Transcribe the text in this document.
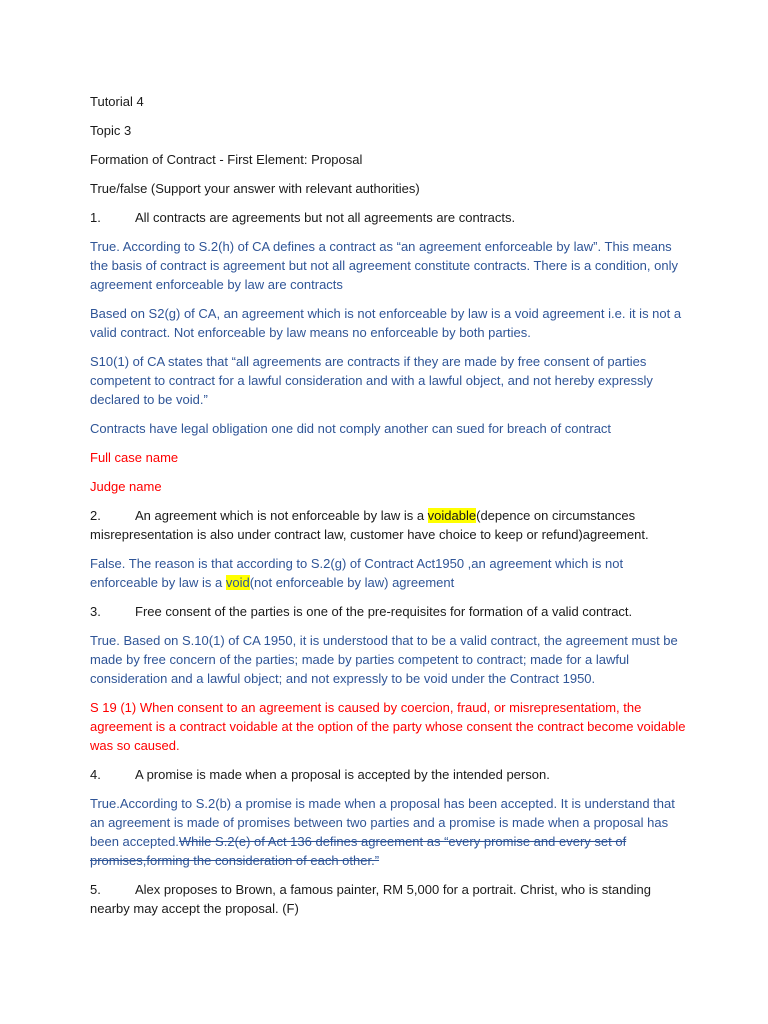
Tutorial 4

Topic 3

Formation of Contract - First Element: Proposal

True/false (Support your answer with relevant authorities)

1.	All contracts are agreements but not all agreements are contracts.

True. According to S.2(h) of CA defines a contract as “an agreement enforceable by law”. This means the basis of contract is agreement but not all agreement constitute contracts. There is a condition, only agreement enforceable by law are contracts

Based on S2(g) of CA, an agreement which is not enforceable by law is a void agreement i.e. it is not a valid contract. Not enforceable by law means no enforceable by both parties.

S10(1) of CA states that “all agreements are contracts if they are made by free consent of parties competent to contract for a lawful consideration and with a lawful object, and not hereby expressly declared to be void.”

Contracts have legal obligation one did not comply another can sued for breach of contract

Full case name

Judge name

2.	An agreement which is not enforceable by law is a voidable(depence on circumstances misrepresentation is also under contract law, customer have choice to keep or refund)agreement.

False. The reason is that according to S.2(g) of Contract Act1950 ,an agreement which is not enforceable by law is a void(not enforceable by law) agreement

3.	Free consent of the parties is one of the pre-requisites for formation of a valid contract.

True. Based on S.10(1) of CA 1950, it is understood that to be a valid contract, the agreement must be made by free concern of the parties; made by parties competent to contract; made for a lawful consideration and a lawful object; and not expressly to be void under the Contract 1950.

S 19 (1) When consent to an agreement is caused by coercion, fraud, or misrepresentatiom, the agreement is a contract voidable at the option of the party whose consent the contract become voidable was so caused.

4.	A promise is made when a proposal is accepted by the intended person.

True.According to S.2(b) a promise is made when a proposal has been accepted. It is understand that an agreement is made of promises between two parties and a promise is made when a proposal has been accepted.While S.2(e) of Act 136 defines agreement as “every promise and every set of promises,forming the consideration of each other.”

5.	Alex proposes to Brown, a famous painter, RM 5,000 for a portrait. Christ, who is standing nearby may accept the proposal. (F)
